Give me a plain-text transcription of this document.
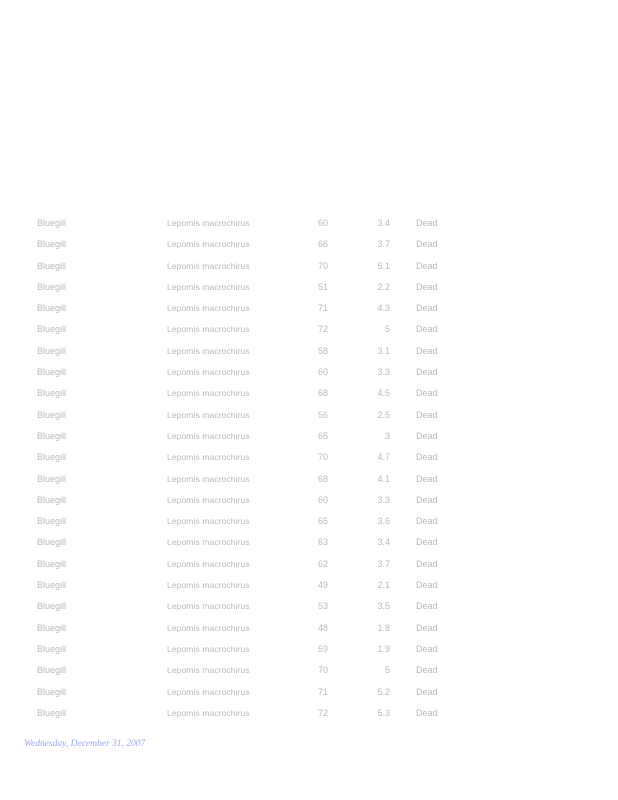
Bluegill	Lepomis macrochirus	60	3.4	Dead
Bluegill	Lepomis macrochirus	66	3.7	Dead
Bluegill	Lepomis macrochirus	70	5.1	Dead
Bluegill	Lepomis macrochirus	51	2.2	Dead
Bluegill	Lepomis macrochirus	71	4.3	Dead
Bluegill	Lepomis macrochirus	72	5	Dead
Bluegill	Lepomis macrochirus	58	3.1	Dead
Bluegill	Lepomis macrochirus	60	3.3	Dead
Bluegill	Lepomis macrochirus	68	4.5	Dead
Bluegill	Lepomis macrochirus	56	2.5	Dead
Bluegill	Lepomis macrochirus	65	3	Dead
Bluegill	Lepomis macrochirus	70	4.7	Dead
Bluegill	Lepomis macrochirus	68	4.1	Dead
Bluegill	Lepomis macrochirus	60	3.3	Dead
Bluegill	Lepomis macrochirus	65	3.6	Dead
Bluegill	Lepomis macrochirus	63	3.4	Dead
Bluegill	Lepomis macrochirus	62	3.7	Dead
Bluegill	Lepomis macrochirus	49	2.1	Dead
Bluegill	Lepomis macrochirus	53	3.5	Dead
Bluegill	Lepomis macrochirus	48	1.8	Dead
Bluegill	Lepomis macrochirus	59	1.9	Dead
Bluegill	Lepomis macrochirus	70	5	Dead
Bluegill	Lepomis macrochirus	71	5.2	Dead
Bluegill	Lepomis macrochirus	72	5.3	Dead
Wednesday, December 31, 2007
